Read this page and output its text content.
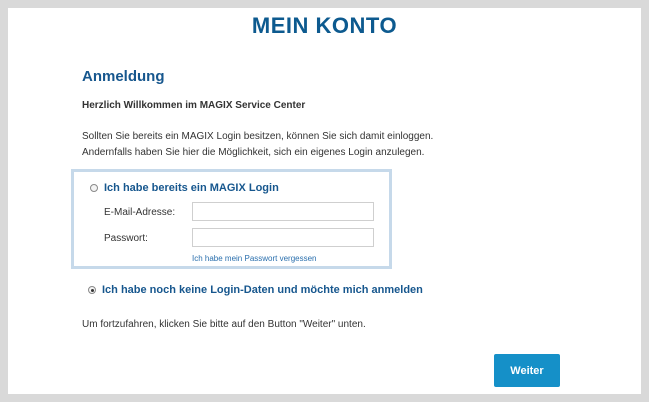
MEIN KONTO
Anmeldung
Herzlich Willkommen im MAGIX Service Center
Sollten Sie bereits ein MAGIX Login besitzen, können Sie sich damit einloggen.
Andernfalls haben Sie hier die Möglichkeit, sich ein eigenes Login anzulegen.
Ich habe bereits ein MAGIX Login
E-Mail-Adresse:
Passwort:
Ich habe mein Passwort vergessen
Ich habe noch keine Login-Daten und möchte mich anmelden
Um fortzufahren, klicken Sie bitte auf den Button "Weiter" unten.
Weiter
